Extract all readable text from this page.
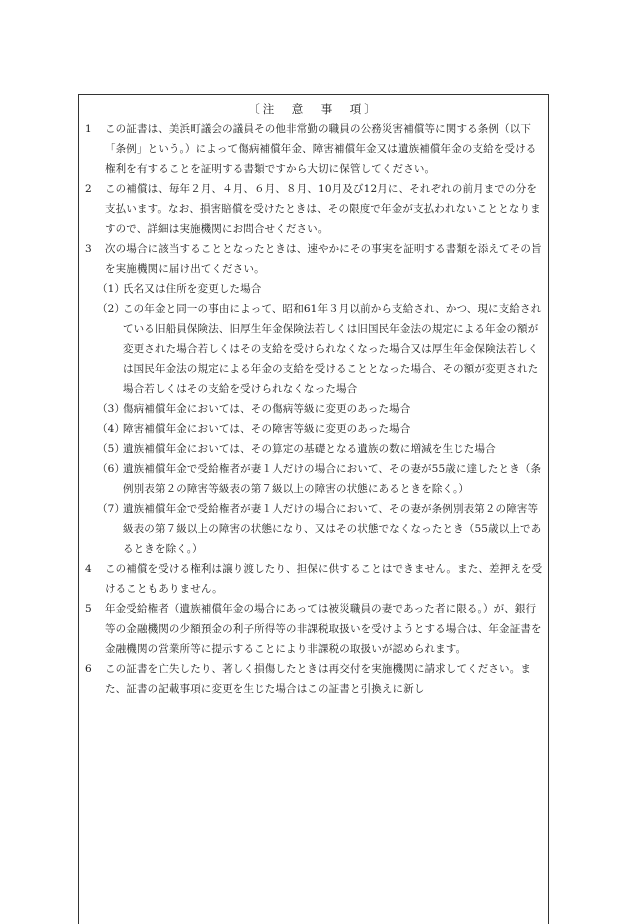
〔注　意　事　項〕
1	この証書は、美浜町議会の議員その他非常勤の職員の公務災害補償等に関する条例（以下「条例」という。）によって傷病補償年金、障害補償年金又は遺族補償年金の支給を受ける権利を有することを証明する書類ですから大切に保管してください。
2	この補償は、毎年２月、４月、６月、８月、10月及び12月に、それぞれの前月までの分を支払います。なお、損害賠償を受けたときは、その限度で年金が支払われないこととなりますので、詳細は実施機関にお問合せください。
3	次の場合に該当することとなったときは、速やかにその事実を証明する書類を添えてその旨を実施機関に届け出てください。
（1）
氏名又は住所を変更した場合
（2）
この年金と同一の事由によって、昭和61年３月以前から支給され、かつ、現に支給されている旧船員保険法、旧厚生年金保険法若しくは旧国民年金法の規定による年金の額が変更された場合若しくはその支給を受けられなくなった場合又は厚生年金保険法若しくは国民年金法の規定による年金の支給を受けることとなった場合、その額が変更された場合若しくはその支給を受けられなくなった場合
（3）
傷病補償年金においては、その傷病等級に変更のあった場合
（4）
障害補償年金においては、その障害等級に変更のあった場合
（5）
遺族補償年金においては、その算定の基礎となる遺族の数に増減を生じた場合
（6）
遺族補償年金で受給権者が妻１人だけの場合において、その妻が55歳に達したとき（条例別表第２の障害等級表の第７級以上の障害の状態にあるときを除く。）
（7）
遺族補償年金で受給権者が妻１人だけの場合において、その妻が条例別表第２の障害等級表の第７級以上の障害の状態になり、又はその状態でなくなったとき（55歳以上であるときを除く。）
4	この補償を受ける権利は譲り渡したり、担保に供することはできません。また、差押えを受けることもありません。
5	年金受給権者（遺族補償年金の場合にあっては被災職員の妻であった者に限る。）が、銀行等の金融機関の少額預金の利子所得等の非課税取扱いを受けようとする場合は、年金証書を金融機関の営業所等に提示することにより非課税の取扱いが認められます。
6	この証書を亡失したり、著しく損傷したときは再交付を実施機関に請求してください。また、証書の記載事項に変更を生じた場合はこの証書と引換えに新し
